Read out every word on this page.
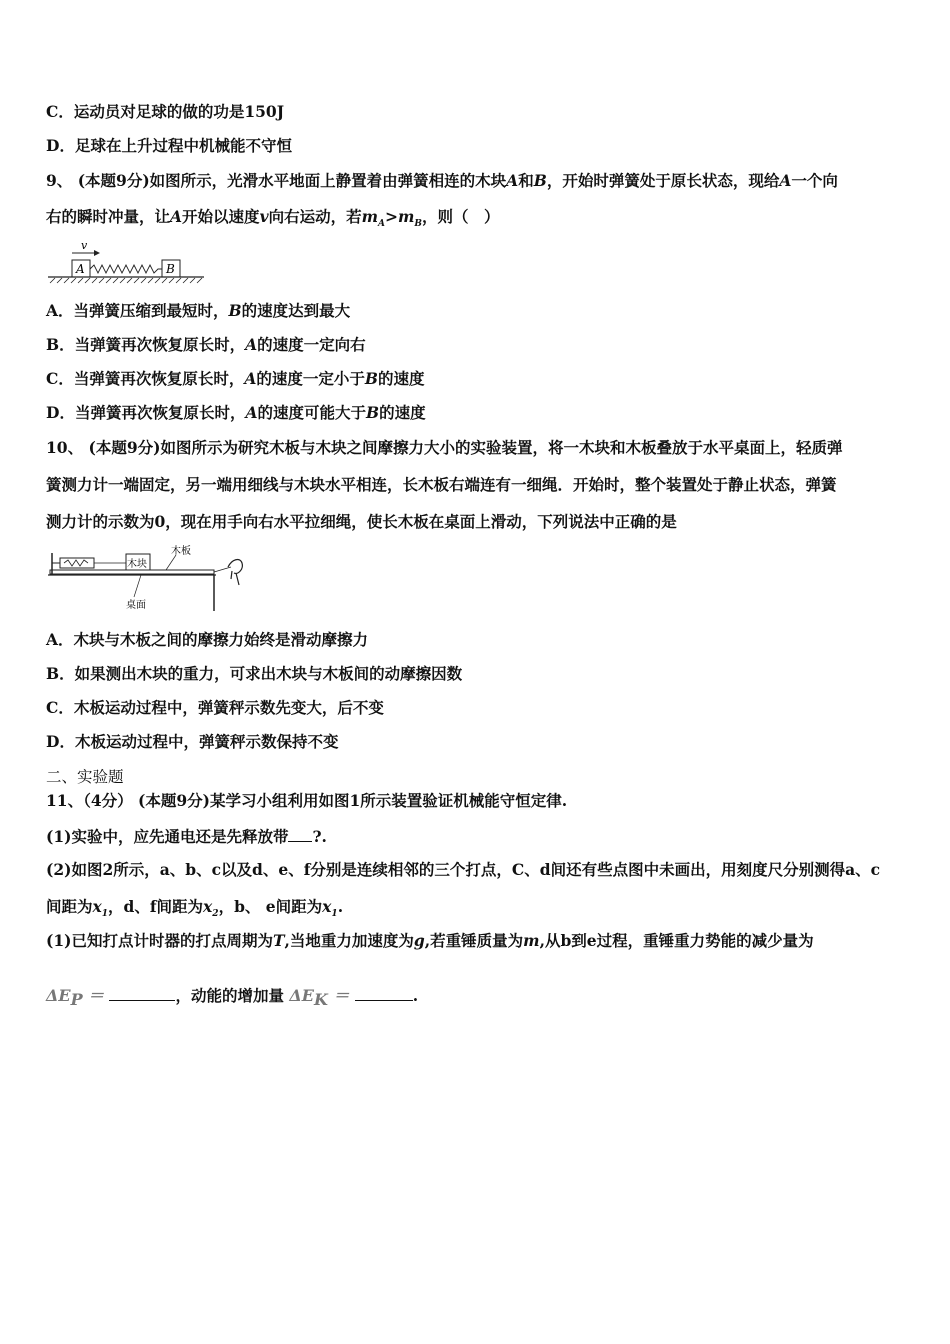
C．运动员对足球的做的功是150J
D．足球在上升过程中机械能不守恒
9、 (本题9分)如图所示，光滑水平地面上静置着由弹簧相连的木块A和B，开始时弹簧处于原长状态，现给A一个向
右的瞬时冲量，让A开始以速度v向右运动，若$m_A>m_B$，则（　）
v
A	B
A．当弹簧压缩到最短时，B的速度达到最大
B．当弹簧再次恢复原长时，A的速度一定向右
C．当弹簧再次恢复原长时，A的速度一定小于B的速度
D．当弹簧再次恢复原长时，A的速度可能大于B的速度
10、 (本题9分)如图所示为研究木板与木块之间摩擦力大小的实验装置，将一木块和木板叠放于水平桌面上，轻质弹
簧测力计一端固定，另一端用细线与木块水平相连，长木板右端连有一细绳．开始时，整个装置处于静止状态，弹簧
测力计的示数为0，现在用手向右水平拉细绳，使长木板在桌面上滑动，下列说法中正确的是
木块
木板
桌面
A．木块与木板之间的摩擦力始终是滑动摩擦力
B．如果测出木块的重力，可求出木块与木板间的动摩擦因数
C．木板运动过程中，弹簧秤示数先变大，后不变
D．木板运动过程中，弹簧秤示数保持不变
二、实验题
11、（4分） (本题9分)某学习小组利用如图1所示装置验证机械能守恒定律.
(1)实验中，应先通电还是先释放带 ?.
(2)如图2所示，a、b、c以及d、e、f分别是连续相邻的三个打点，C、d间还有些点图中未画出，用刻度尺分别测得a、c
间距为$x_1$，d、f间距为$x_2$，b、 e间距为$x_1$.
(1)已知打点计时器的打点周期为T,当地重力加速度为g,若重锤质量为m,从b到e过程，重锤重力势能的减少量为
$\Delta E_P$ ＝	，动能的增加量 $\Delta E_K$ ＝	.
